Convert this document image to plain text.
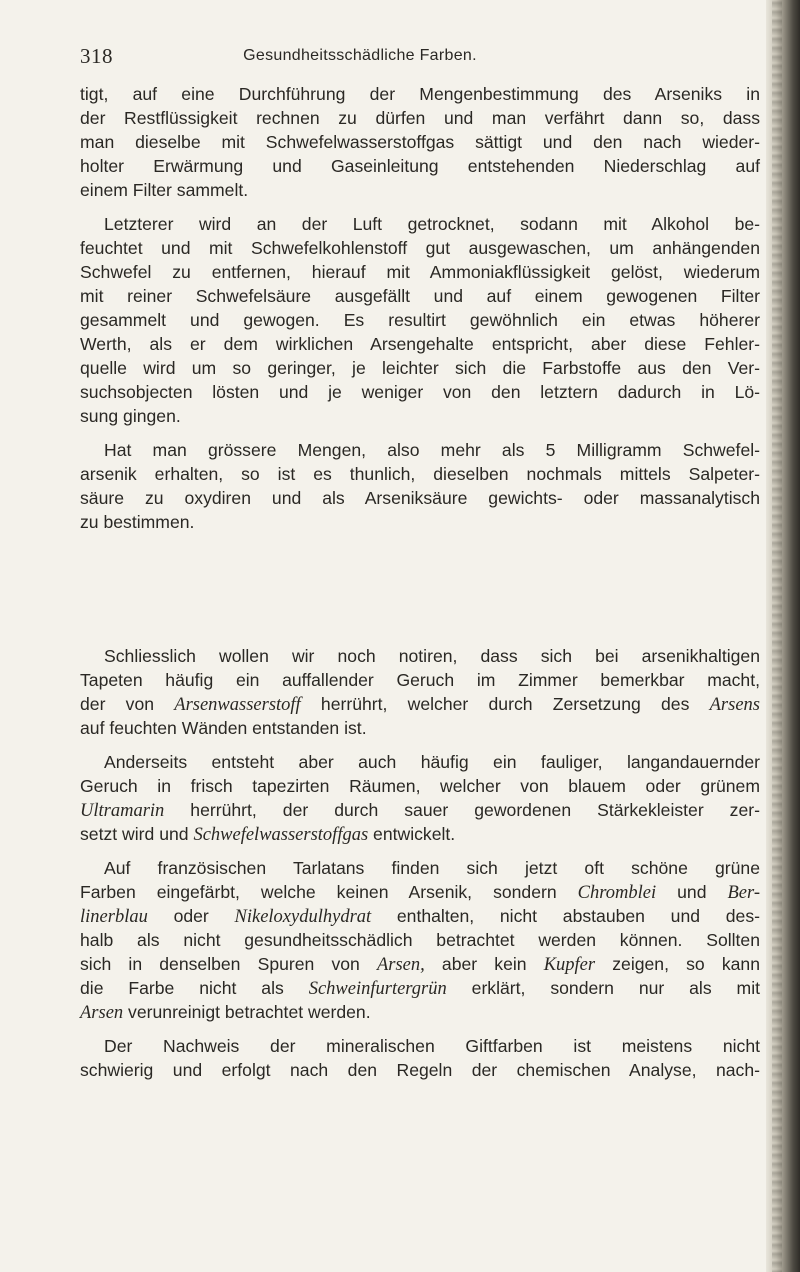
318	Gesundheitsschädliche Farben.
tigt, auf eine Durchführung der Mengenbestimmung des Arseniks in
der Restflüssigkeit rechnen zu dürfen und man verfährt dann so, dass
man dieselbe mit Schwefelwasserstoffgas sättigt und den nach wieder-
holter Erwärmung und Gaseinleitung entstehenden Niederschlag auf
einem Filter sammelt.
Letzterer wird an der Luft getrocknet, sodann mit Alkohol be-
feuchtet und mit Schwefelkohlenstoff gut ausgewaschen, um anhängenden
Schwefel zu entfernen, hierauf mit Ammoniakflüssigkeit gelöst, wiederum
mit reiner Schwefelsäure ausgefällt und auf einem gewogenen Filter
gesammelt und gewogen. Es resultirt gewöhnlich ein etwas höherer
Werth, als er dem wirklichen Arsengehalte entspricht, aber diese Fehler-
quelle wird um so geringer, je leichter sich die Farbstoffe aus den Ver-
suchsobjecten lösten und je weniger von den letztern dadurch in Lö-
sung gingen.
Hat man grössere Mengen, also mehr als 5 Milligramm Schwefel-
arsenik erhalten, so ist es thunlich, dieselben nochmals mittels Salpeter-
säure zu oxydiren und als Arseniksäure gewichts- oder massanalytisch
zu bestimmen.
Schliesslich wollen wir noch notiren, dass sich bei arsenikhaltigen
Tapeten häufig ein auffallender Geruch im Zimmer bemerkbar macht,
der von Arsenwasserstoff herrührt, welcher durch Zersetzung des Arsens
auf feuchten Wänden entstanden ist.
Anderseits entsteht aber auch häufig ein fauliger, langandauernder
Geruch in frisch tapezirten Räumen, welcher von blauem oder grünem
Ultramarin herrührt, der durch sauer gewordenen Stärkekleister zer-
setzt wird und Schwefelwasserstoffgas entwickelt.
Auf französischen Tarlatans finden sich jetzt oft schöne grüne
Farben eingefärbt, welche keinen Arsenik, sondern Chromblei und Ber-
linerblau oder Nikeloxydulhydrat enthalten, nicht abstauben und des-
halb als nicht gesundheitsschädlich betrachtet werden können. Sollten
sich in denselben Spuren von Arsen, aber kein Kupfer zeigen, so kann
die Farbe nicht als Schweinfurtergrün erklärt, sondern nur als mit
Arsen verunreinigt betrachtet werden.
Der Nachweis der mineralischen Giftfarben ist meistens nicht
schwierig und erfolgt nach den Regeln der chemischen Analyse, nach-
